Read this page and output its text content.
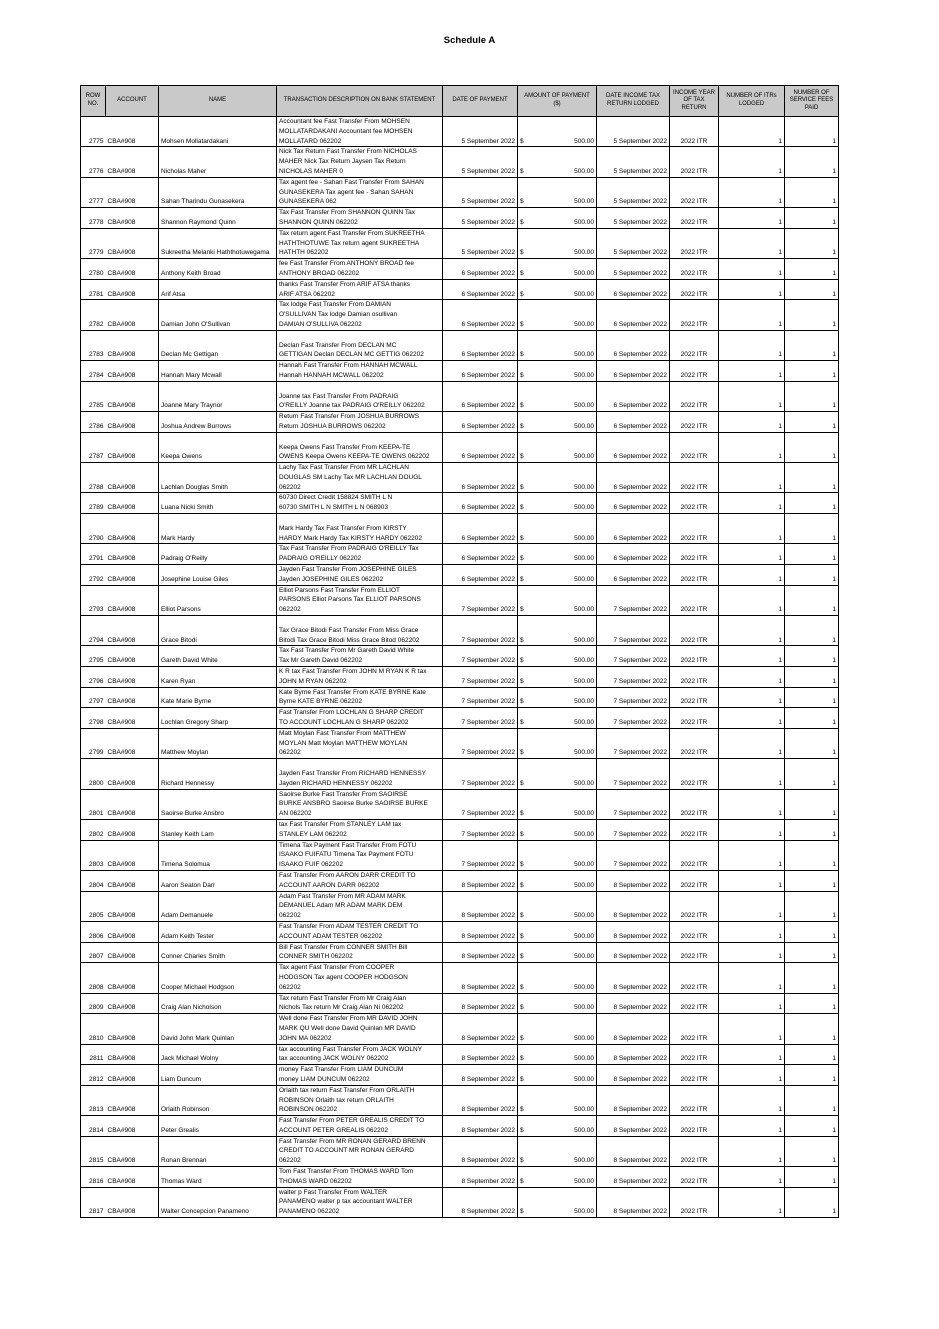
Schedule A
ROW NO.	ACCOUNT	NAME	TRANSACTION DESCRIPTION ON BANK STATEMENT	DATE OF PAYMENT	AMOUNT OF PAYMENT ($)		DATE INCOME TAX RETURN LODGED	INCOME YEAR OF TAX RETURN	NUMBER OF ITRs LODGED	NUMBER OF SERVICE FEES PAID
2775	CBA#908	Mohsen Mollatardakani	Accountant fee Fast Transfer From MOHSEN
MOLLATARDAKANI Accountant fee MOHSEN
MOLLATARD 062202	5 September 2022	$	500.00	5 September 2022	2022 ITR	1	1
2776	CBA#908	Nicholas Maher	Nick Tax Return Fast Transfer From NICHOLAS
MAHER Nick Tax Return Jaysen Tax Return
NICHOLAS MAHER 0	5 September 2022	$	500.00	5 September 2022	2022 ITR	1	1
2777	CBA#908	Sahan Tharindu Gunasekera	Tax agent fee - Sahan Fast Transfer From SAHAN
GUNASEKERA Tax agent fee - Sahan SAHAN
GUNASEKERA 062	5 September 2022	$	500.00	5 September 2022	2022 ITR	1	1
2778	CBA#908	Shannon Raymond Quinn	Tax Fast Transfer From SHANNON QUINN Tax
SHANNON QUINN 062202	5 September 2022	$	500.00	5 September 2022	2022 ITR	1	1
2779	CBA#908	Sukreetha Melanki Haththotuwegama	Tax return agent Fast Transfer From SUKREETHA
HATHTHOTUWE Tax return agent SUKREETHA
HATHTH 062202	5 September 2022	$	500.00	5 September 2022	2022 ITR	1	1
2780	CBA#908	Anthony Keith Broad	fee Fast Transfer From ANTHONY BROAD fee
ANTHONY BROAD 062202	6 September 2022	$	500.00	5 September 2022	2022 ITR	1	1
2781	CBA#908	Arif Atsa	thanks Fast Transfer From ARIF ATSA thanks
ARIF ATSA 062202	6 September 2022	$	500.00	6 September 2022	2022 ITR	1	1
2782	CBA#908	Damian John O'Sullivan	Tax lodge Fast Transfer From DAMIAN
O'SULLIVAN Tax lodge Damian osullivan
DAMIAN O'SULLIVA 062202	6 September 2022	$	500.00	6 September 2022	2022 ITR	1	1
2783	CBA#908	Declan Mc Gettigan	Declan Fast Transfer From DECLAN MC
GETTIGAN Declan DECLAN MC GETTIG 062202	6 September 2022	$	500.00	6 September 2022	2022 ITR	1	1
2784	CBA#908	Hannah Mary Mcwall	Hannah Fast Transfer From HANNAH MCWALL
Hannah HANNAH MCWALL 062202	6 September 2022	$	500.00	6 September 2022	2022 ITR	1	1
2785	CBA#908	Joanne Mary Traynor	Joanne tax Fast Transfer From PADRAIG
O'REILLY Joanne tax PADRAIG O'REILLY 062202	6 September 2022	$	500.00	6 September 2022	2022 ITR	1	1
2786	CBA#908	Joshua Andrew Burrows	Return Fast Transfer From JOSHUA BURROWS
Return JOSHUA BURROWS 062202	6 September 2022	$	500.00	6 September 2022	2022 ITR	1	1
2787	CBA#908	Keepa Owens	Keepa Owens Fast Transfer From KEEPA-TE
OWENS Keepa Owens KEEPA-TE OWENS 062202	6 September 2022	$	500.00	6 September 2022	2022 ITR	1	1
2788	CBA#908	Lachlan Douglas Smith	Lachy Tax Fast Transfer From MR LACHLAN
DOUGLAS SM Lachy Tax MR LACHLAN DOUGL
062202	6 September 2022	$	500.00	6 September 2022	2022 ITR	1	1
2789	CBA#908	Luana Nicki Smith	60730 Direct Credit 158824 SMITH L N
60730 SMITH L N SMITH L N 068903	6 September 2022	$	500.00	6 September 2022	2022 ITR	1	1
2790	CBA#908	Mark Hardy	Mark Hardy Tax Fast Transfer From KIRSTY
HARDY Mark Hardy Tax KIRSTY HARDY 062202	6 September 2022	$	500.00	6 September 2022	2022 ITR	1	1
2791	CBA#908	Padraig O'Reilly	Tax Fast Transfer From PADRAIG O'REILLY Tax
PADRAIG O'REILLY 062202	6 September 2022	$	500.00	6 September 2022	2022 ITR	1	1
2792	CBA#908	Josephine Louise Giles	Jayden Fast Transfer From JOSEPHINE GILES
Jayden JOSEPHINE GILES 062202	6 September 2022	$	500.00	6 September 2022	2022 ITR	1	1
2793	CBA#908	Elliot Parsons	Elliot Parsons Fast Transfer From ELLIOT
PARSONS Elliot Parsons Tax ELLIOT PARSONS
062202	7 September 2022	$	500.00	7 September 2022	2022 ITR	1	1
2794	CBA#908	Grace Bitodi	Tax Grace Bitodi Fast Transfer From Miss Grace
Bitodi Tax Grace Bitodi Miss Grace Bitod 062202	7 September 2022	$	500.00	7 September 2022	2022 ITR	1	1
2795	CBA#908	Gareth David White	Tax Fast Transfer From Mr Gareth David White
Tax Mr Gareth David 062202	7 September 2022	$	500.00	7 September 2022	2022 ITR	1	1
2796	CBA#908	Karen Ryan	K R tax Fast Transfer From JOHN M RYAN K R tax
JOHN M RYAN 062202	7 September 2022	$	500.00	7 September 2022	2022 ITR	1	1
2797	CBA#908	Kate Marie Byrne	Kate Byrne Fast Transfer From KATE BYRNE Kate
Byrne KATE BYRNE 062202	7 September 2022	$	500.00	7 September 2022	2022 ITR	1	1
2798	CBA#908	Lochlan Gregory Sharp	Fast Transfer From LOCHLAN G SHARP CREDIT
TO ACCOUNT LOCHLAN G SHARP 062202	7 September 2022	$	500.00	7 September 2022	2022 ITR	1	1
2799	CBA#908	Matthew Moylan	Matt Moylan Fast Transfer From MATTHEW
MOYLAN Matt Moylan MATTHEW MOYLAN
062202	7 September 2022	$	500.00	7 September 2022	2022 ITR	1	1
2800	CBA#908	Richard Hennessy	Jayden Fast Transfer From RICHARD HENNESSY
Jayden RICHARD HENNESSY 062202	7 September 2022	$	500.00	7 September 2022	2022 ITR	1	1
2801	CBA#908	Saoirse Burke Ansbro	Saoirse Burke Fast Transfer From SAOIRSE
BURKE ANSBRO Saoirse Burke SAOIRSE BURKE
AN 062202	7 September 2022	$	500.00	7 September 2022	2022 ITR	1	1
2802	CBA#908	Stanley Keith Lam	tax Fast Transfer From STANLEY LAM tax
STANLEY LAM 062202	7 September 2022	$	500.00	7 September 2022	2022 ITR	1	1
2803	CBA#908	Timena Solomua	Timena Tax Payment Fast Transfer From FOTU
ISAAKO FUIFATU Timena Tax Payment FOTU
ISAAKO FUIF 062202	7 September 2022	$	500.00	7 September 2022	2022 ITR	1	1
2804	CBA#908	Aaron Seaton Darr	Fast Transfer From AARON DARR CREDIT TO
ACCOUNT AARON DARR 062202	8 September 2022	$	500.00	8 September 2022	2022 ITR	1	1
2805	CBA#908	Adam Demanuele	Adam Fast Transfer From MR ADAM MARK
DEMANUEL Adam MR ADAM MARK DEM
062202	8 September 2022	$	500.00	8 September 2022	2022 ITR	1	1
2806	CBA#908	Adam Keith Tester	Fast Transfer From ADAM TESTER CREDIT TO
ACCOUNT ADAM TESTER 062202	8 September 2022	$	500.00	8 September 2022	2022 ITR	1	1
2807	CBA#908	Conner Charles Smith	Bill Fast Transfer From CONNER SMITH Bill
CONNER SMITH 062202	8 September 2022	$	500.00	8 September 2022	2022 ITR	1	1
2808	CBA#908	Cooper Michael Hodgson	Tax agent Fast Transfer From COOPER
HODGSON Tax agent COOPER HODGSON
062202	8 September 2022	$	500.00	8 September 2022	2022 ITR	1	1
2809	CBA#908	Craig Alan Nicholson	Tax return Fast Transfer From Mr Craig Alan
Nichols Tax return Mr Craig Alan Ni 062202	8 September 2022	$	500.00	8 September 2022	2022 ITR	1	1
2810	CBA#908	David John Mark Quinlan	Well done Fast Transfer From MR DAVID JOHN
MARK QU Well done David Quinlan MR DAVID
JOHN MA 062202	8 September 2022	$	500.00	8 September 2022	2022 ITR	1	1
2811	CBA#908	Jack Michael Wolny	tax accounting Fast Transfer From JACK WOLNY
tax accounting JACK WOLNY 062202	8 September 2022	$	500.00	8 September 2022	2022 ITR	1	1
2812	CBA#908	Liam Duncum	money Fast Transfer From LIAM DUNCUM
money LIAM DUNCUM 062202	8 September 2022	$	500.00	8 September 2022	2022 ITR	1	1
2813	CBA#908	Orlaith Robinson	Orlaith tax return Fast Transfer From ORLAITH
ROBINSON Orlaith tax return ORLAITH
ROBINSON 062202	8 September 2022	$	500.00	8 September 2022	2022 ITR	1	1
2814	CBA#908	Peter Grealis	Fast Transfer From PETER GREALIS CREDIT TO
ACCOUNT PETER GREALIS 062202	8 September 2022	$	500.00	8 September 2022	2022 ITR	1	1
2815	CBA#908	Ronan Brennan	Fast Transfer From MR RONAN GERARD BRENN
CREDIT TO ACCOUNT MR RONAN GERARD
062202	8 September 2022	$	500.00	8 September 2022	2022 ITR	1	1
2816	CBA#908	Thomas Ward	Tom Fast Transfer From THOMAS WARD Tom
THOMAS WARD 062202	8 September 2022	$	500.00	8 September 2022	2022 ITR	1	1
2817	CBA#908	Walter Concepcion Panameno	walter p Fast Transfer From WALTER
PANAMENO walter p tax accountant WALTER
PANAMENO 062202	8 September 2022	$	500.00	8 September 2022	2022 ITR	1	1
